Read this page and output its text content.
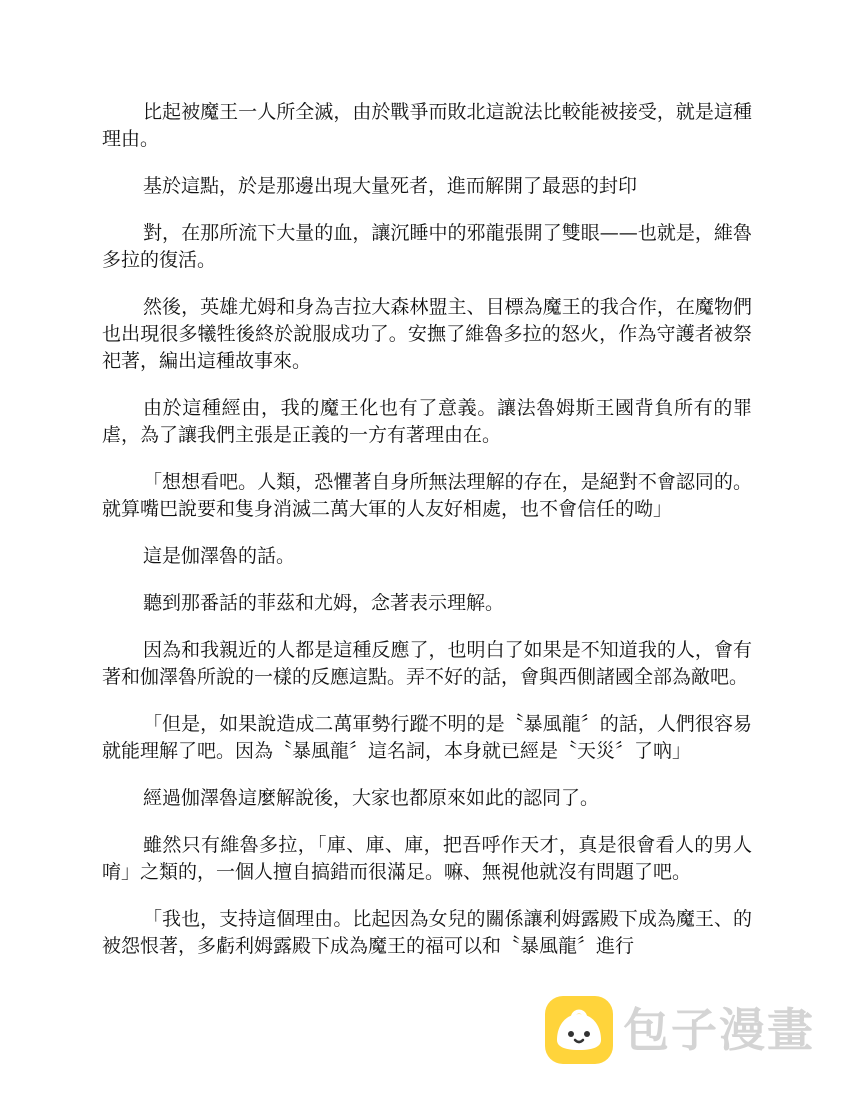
比起被魔王一人所全滅，由於戰爭而敗北這說法比較能被接受，就是這種理由。

基於這點，於是那邊出現大量死者，進而解開了最惡的封印

對，在那所流下大量的血，讓沉睡中的邪龍張開了雙眼——也就是，維魯多拉的復活。

然後，英雄尤姆和身為吉拉大森林盟主、目標為魔王的我合作，在魔物們也出現很多犧牲後終於說服成功了。安撫了維魯多拉的怒火，作為守護者被祭祀著，編出這種故事來。

由於這種經由，我的魔王化也有了意義。讓法魯姆斯王國背負所有的罪虐，為了讓我們主張是正義的一方有著理由在。

「想想看吧。人類，恐懼著自身所無法理解的存在，是絕對不會認同的。就算嘴巴說要和隻身消滅二萬大軍的人友好相處，也不會信任的呦」

這是伽澤魯的話。

聽到那番話的菲茲和尤姆，念著表示理解。

因為和我親近的人都是這種反應了，也明白了如果是不知道我的人，會有著和伽澤魯所說的一樣的反應這點。弄不好的話，會與西側諸國全部為敵吧。

「但是，如果說造成二萬軍勢行蹤不明的是〝暴風龍〞的話，人們很容易就能理解了吧。因為〝暴風龍〞這名詞，本身就已經是〝天災〞了吶」

經過伽澤魯這麼解說後，大家也都原來如此的認同了。

雖然只有維魯多拉，「庫、庫、庫，把吾呼作天才，真是很會看人的男人唷」之類的，一個人擅自搞錯而很滿足。嘛、無視他就沒有問題了吧。

「我也，支持這個理由。比起因為女兒的關係讓利姆露殿下成為魔王、的被怨恨著，多虧利姆露殿下成為魔王的福可以和〝暴風龍〞進行

包子漫畫
